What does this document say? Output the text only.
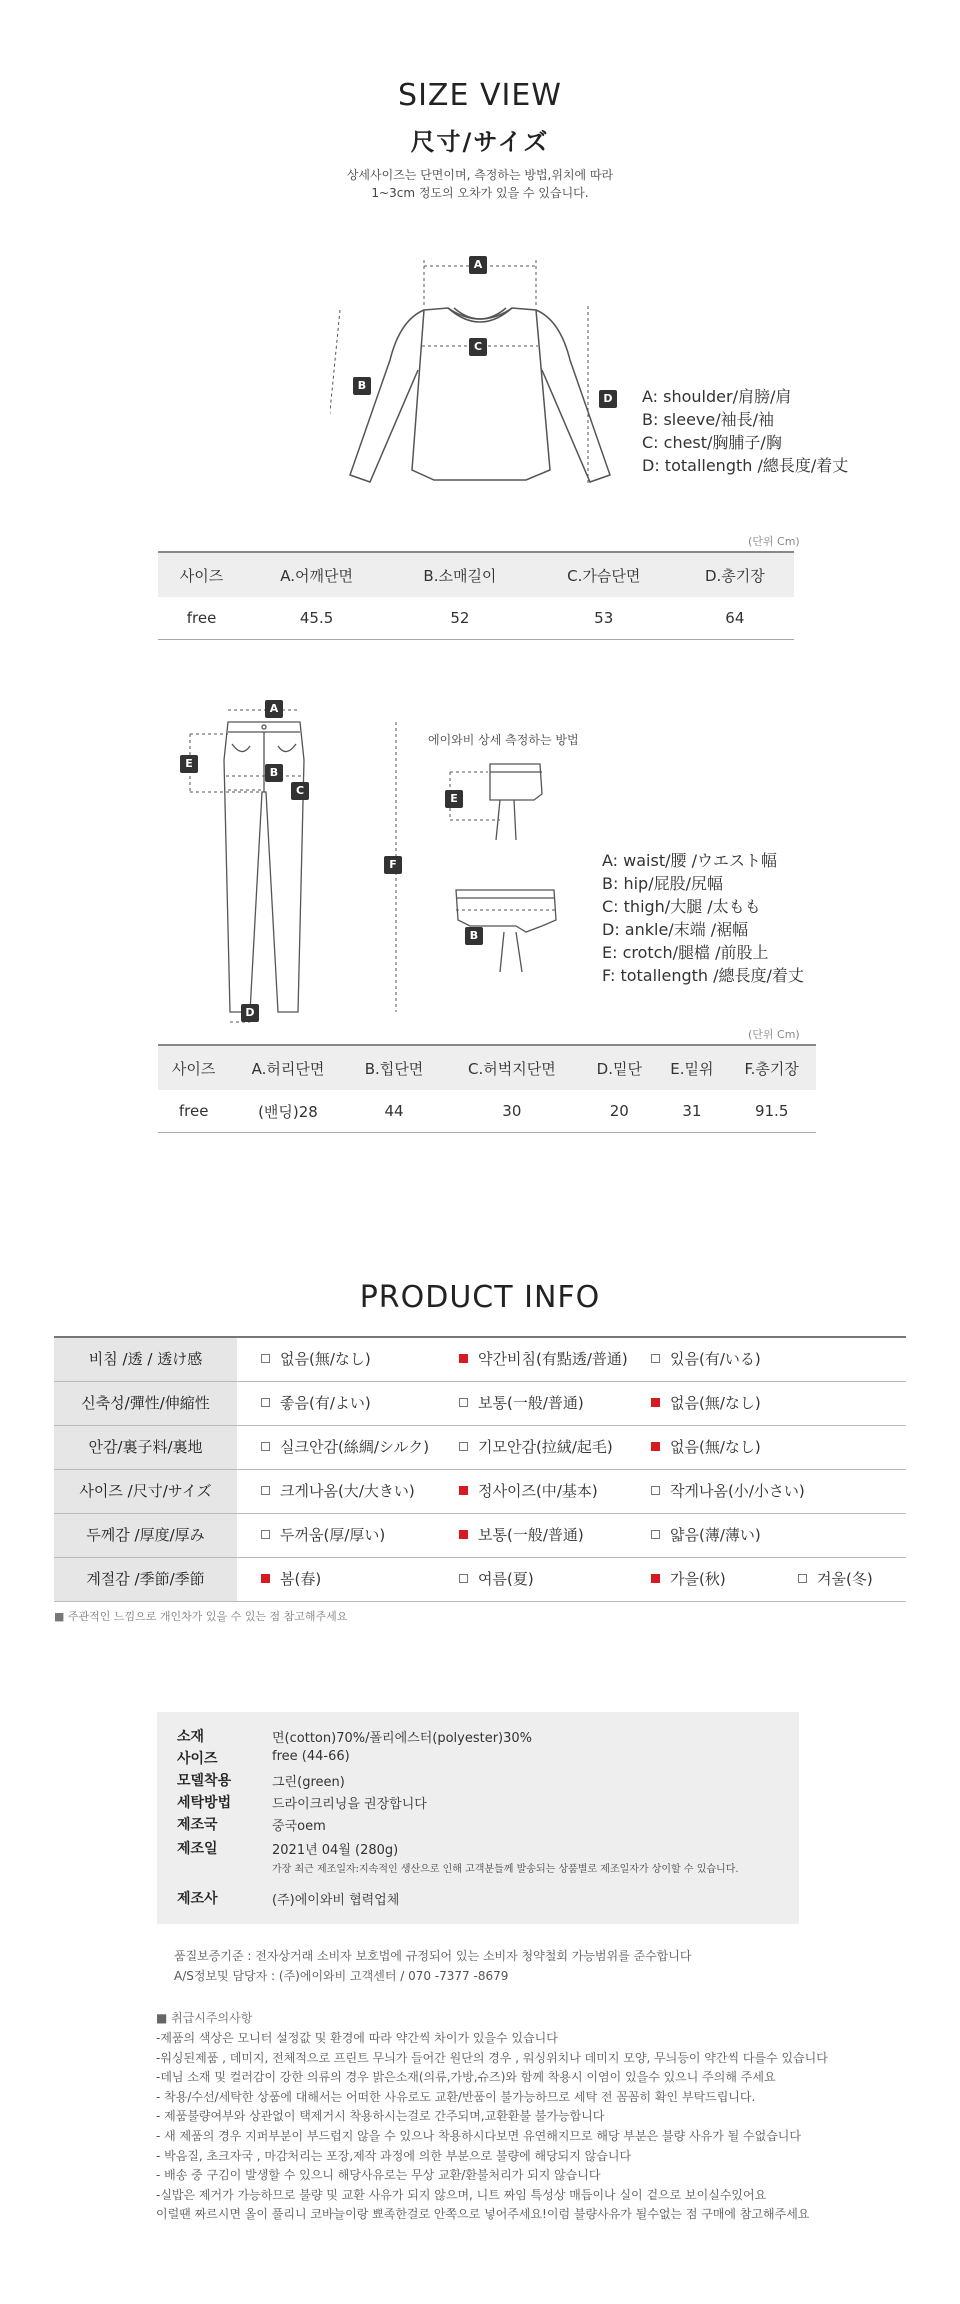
SIZE VIEW
尺寸/サイズ
상세사이즈는 단면이며, 측정하는 방법,위치에 따라
1~3cm 정도의 오차가 있을 수 있습니다.
A
C
B
D A: shoulder/肩膀/肩
B: sleeve/袖長/袖
C: chest/胸脯子/胸
D: totallength /總長度/着丈
(단위 Cm)
사이즈	A.어깨단면	B.소매길이	C.가슴단면	D.총기장
free	45.5	52	53	64
A
E
B
C
F
D
에이와비 상세 측정하는 방법
E
B
A: waist/腰 /ウエスト幅
B: hip/屁股/尻幅
C: thigh/大腿 /太もも
D: ankle/末端 /裾幅
E: crotch/腿檔 /前股上
F: totallength /總長度/着丈
(단위 Cm)
사이즈	A.허리단면	B.힙단면	C.허벅지단면	D.밑단	E.밑위	F.총기장
free	(밴딩)28	44	30	20	31	91.5
PRODUCT INFO
비침 /透 / 透け感	없음(無/なし)	약간비침(有點透/普通)	있음(有/いる)
신축성/彈性/伸縮性	좋음(有/よい)	보통(一般/普通)	없음(無/なし)
안감/裏子料/裏地	실크안감(絲綢/シルク)	기모안감(拉絨/起毛)	없음(無/なし)
사이즈 /尺寸/サイズ	크게나옴(大/大きい)	정사이즈(中/基本)	작게나옴(小/小さい)
두께감 /厚度/厚み	두꺼움(厚/厚い)	보통(一般/普通)	얇음(薄/薄い)
계절감 /季節/季節	봄(春)	여름(夏)	가을(秋)	겨울(冬)
■ 주관적인 느낌으로 개인차가 있을 수 있는 점 참고해주세요
소재	면(cotton)70%/폴리에스터(polyester)30%
사이즈	free (44-66)
모델착용	그린(green)
세탁방법	드라이크리닝을 권장합니다
제조국	중국oem
제조일	2021년 04월 (280g)
가장 최근 제조일자:지속적인 생산으로 인해 고객분들께 발송되는 상품별로 제조일자가 상이할 수 있습니다.
제조사	(주)에이와비 협력업체
품질보증기준 : 전자상거래 소비자 보호법에 규정되어 있는 소비자 청약철회 가능범위를 준수합니다
A/S정보및 담당자 : (주)에이와비 고객센터 / 070 -7377 -8679
■ 취급시주의사항
-제품의 색상은 모니터 설정값 및 환경에 따라 약간씩 차이가 있을수 있습니다
-워싱된제품 , 데미지, 전체적으로 프린트 무늬가 들어간 원단의 경우 , 워싱위치나 데미지 모양, 무늬등이 약간씩 다를수 있습니다
-데님 소재 및 컬러감이 강한 의류의 경우 밝은소재(의류,가방,슈즈)와 함께 착용시 이염이 있을수 있으니 주의해 주세요
- 착용/수선/세탁한 상품에 대해서는 어떠한 사유로도 교환/반품이 불가능하므로 세탁 전 꼼꼼히 확인 부탁드립니다.
- 제품불량여부와 상관없이 택제거시 착용하시는걸로 간주되며,교환환불 불가능합니다
- 새 제품의 경우 지퍼부분이 부드럽지 않을 수 있으나 착용하시다보면 유연해지므로 해당 부분은 불량 사유가 될 수없습니다
- 박음질, 초크자국 , 마감처리는 포장,제작 과정에 의한 부분으로 불량에 해당되지 않습니다
- 배송 중 구김이 발생할 수 있으니 해당사유로는 무상 교환/환불처리가 되지 않습니다
-실밥은 제거가 가능하므로 불량 및 교환 사유가 되지 않으며, 니트 짜임 특성상 매듭이나 실이 겉으로 보이실수있어요
이럴땐 짜르시면 올이 풀리니 코바늘이랑 뾰족한걸로 안쪽으로 넣어주세요!이럼 불량사유가 될수없는 점 구매에 참고해주세요
